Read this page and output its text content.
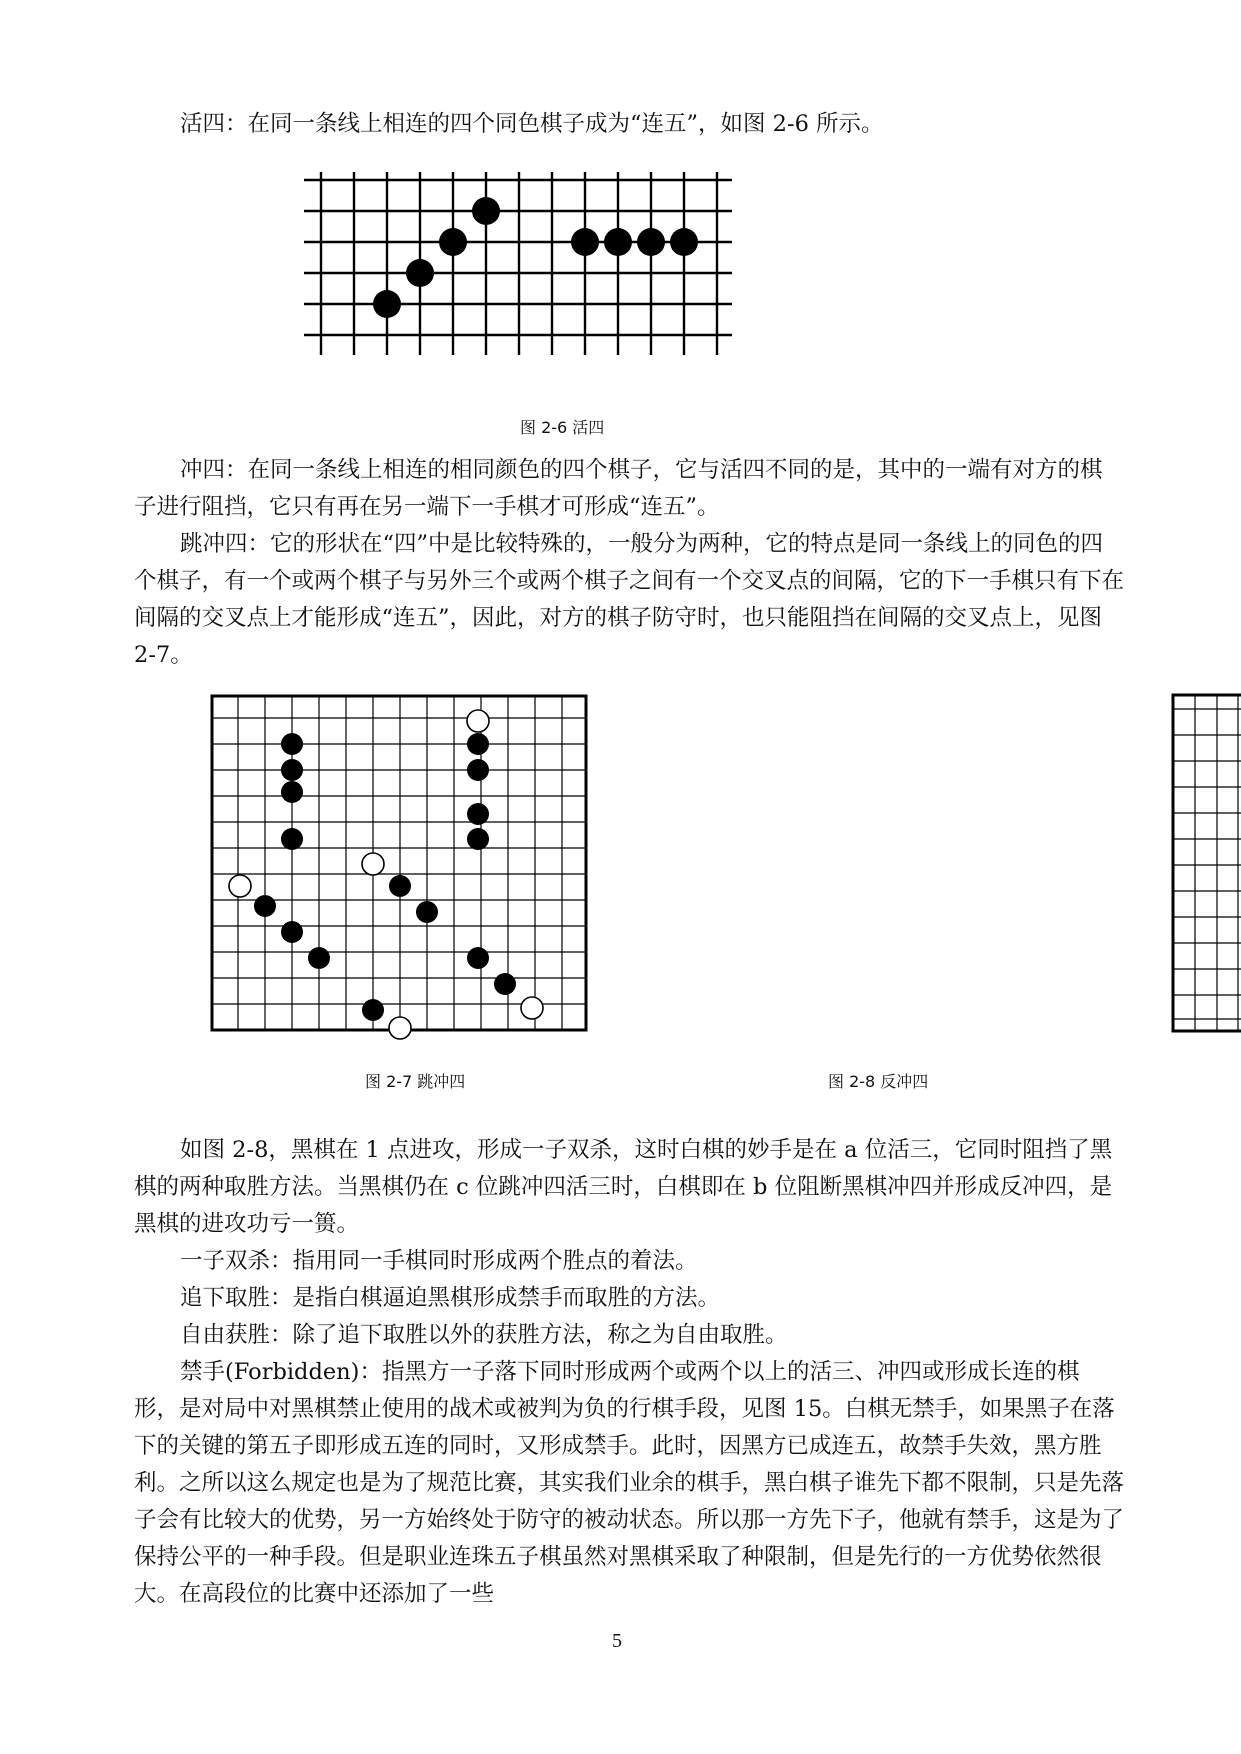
活四：在同一条线上相连的四个同色棋子成为“连五”，如图 2-6 所示。

图 2-6 活四

冲四：在同一条线上相连的相同颜色的四个棋子，它与活四不同的是，其中的一端有对方的棋子进行阻挡，它只有再在另一端下一手棋才可形成“连五”。

跳冲四：它的形状在“四”中是比较特殊的，一般分为两种，它的特点是同一条线上的同色的四个棋子，有一个或两个棋子与另外三个或两个棋子之间有一个交叉点的间隔，它的下一手棋只有下在间隔的交叉点上才能形成“连五”，因此，对方的棋子防守时，也只能阻挡在间隔的交叉点上，见图 2-7。

图 2-7 跳冲四	图 2-8 反冲四

如图 2-8，黑棋在 1 点进攻，形成一子双杀，这时白棋的妙手是在 a 位活三，它同时阻挡了黑棋的两种取胜方法。当黑棋仍在 c 位跳冲四活三时，白棋即在 b 位阻断黑棋冲四并形成反冲四，是黑棋的进攻功亏一篑。

一子双杀：指用同一手棋同时形成两个胜点的着法。

追下取胜：是指白棋逼迫黑棋形成禁手而取胜的方法。

自由获胜：除了追下取胜以外的获胜方法，称之为自由取胜。

禁手(Forbidden)：指黑方一子落下同时形成两个或两个以上的活三、冲四或形成长连的棋形，是对局中对黑棋禁止使用的战术或被判为负的行棋手段，见图 15。白棋无禁手，如果黑子在落下的关键的第五子即形成五连的同时，又形成禁手。此时，因黑方已成连五，故禁手失效，黑方胜利。之所以这么规定也是为了规范比赛，其实我们业余的棋手，黑白棋子谁先下都不限制，只是先落子会有比较大的优势，另一方始终处于防守的被动状态。所以那一方先下子，他就有禁手，这是为了保持公平的一种手段。但是职业连珠五子棋虽然对黑棋采取了种限制，但是先行的一方优势依然很大。在高段位的比赛中还添加了一些

5
